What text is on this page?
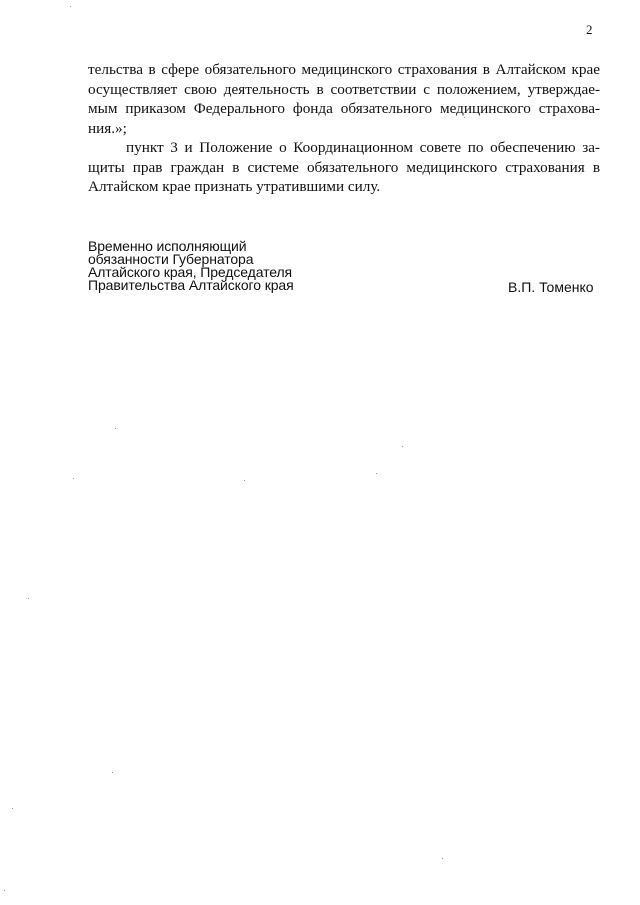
2
тельства в сфере обязательного медицинского страхования в Алтайском крае
осуществляет свою деятельность в соответствии с положением, утверждае-
мым приказом Федерального фонда обязательного медицинского страхова-
ния.»;
пункт 3 и Положение о Координационном совете по обеспечению за-
щиты прав граждан в системе обязательного медицинского страхования в
Алтайском крае признать утратившими силу.
Временно исполняющий
обязанности Губернатора
Алтайского края, Председателя
Правительства Алтайского края	В.П. Томенко
